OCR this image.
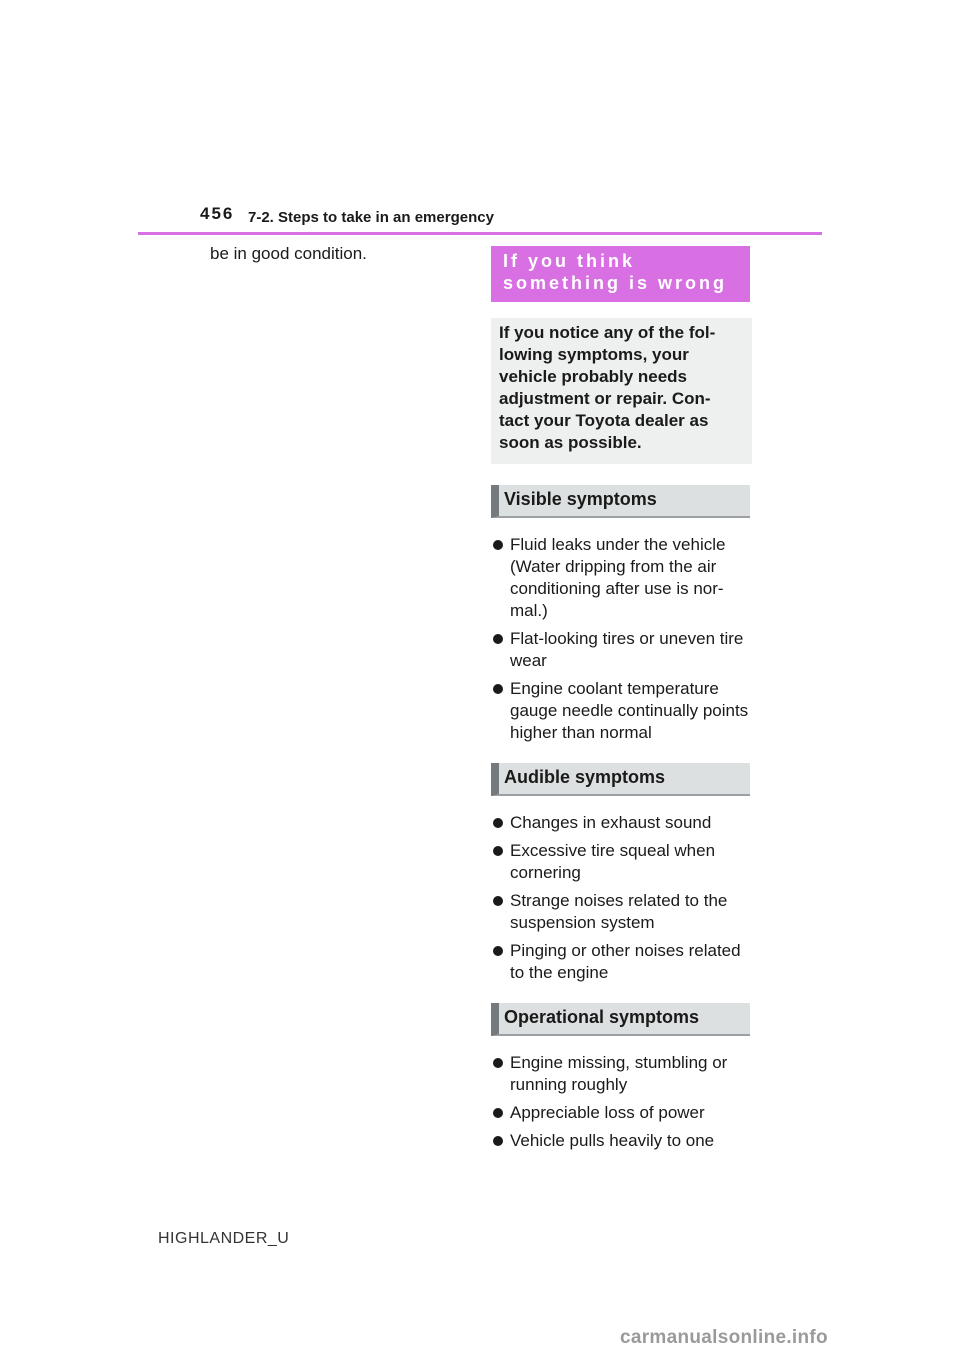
456 7-2. Steps to take in an emergency
be in good condition.	If you think something is wrong
If you notice any of the fol-lowing symptoms, your vehicle probably needs adjustment or repair. Con-tact your Toyota dealer as soon as possible.
Visible symptoms
Fluid leaks under the vehicle (Water dripping from the air conditioning after use is nor-mal.)
Flat-looking tires or uneven tire wear
Engine coolant temperature gauge needle continually points higher than normal
Audible symptoms
Changes in exhaust sound
Excessive tire squeal when cornering
Strange noises related to the suspension system
Pinging or other noises related to the engine
Operational symptoms
Engine missing, stumbling or running roughly
Appreciable loss of power
Vehicle pulls heavily to one
HIGHLANDER_U
carmanualsonline.info
